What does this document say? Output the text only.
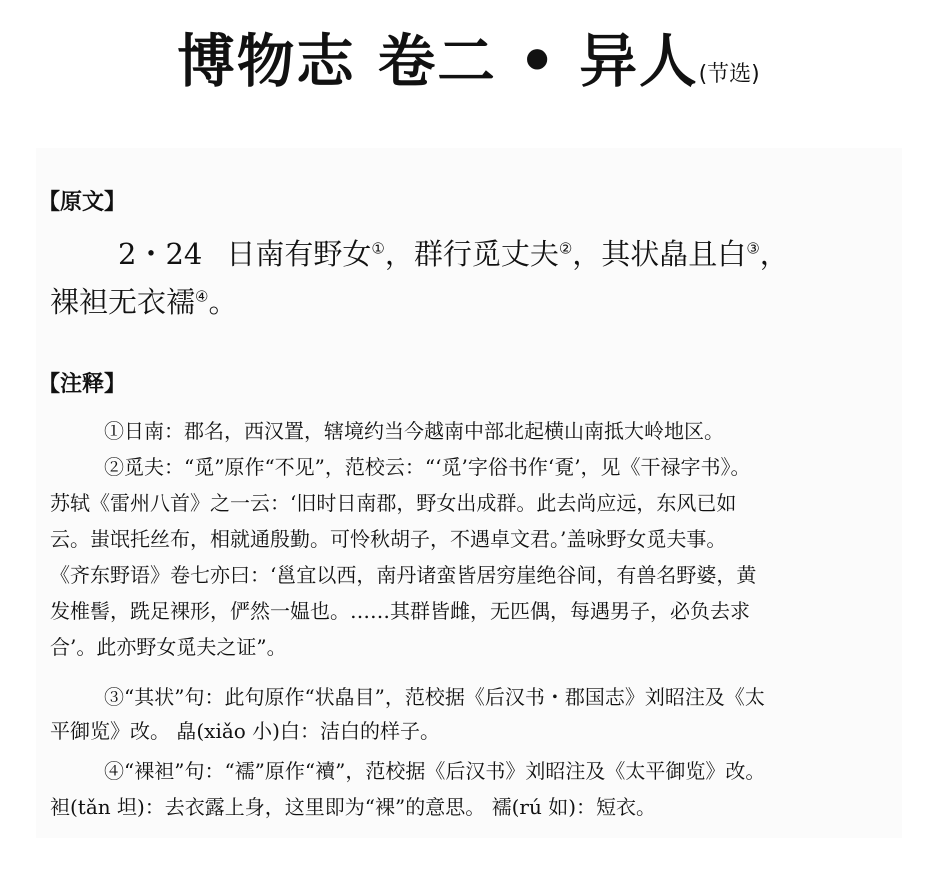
博物志 卷二 • 异人(节选)
【原文】
2・24 日南有野女①，群行觅丈夫②，其状皛且白③，
裸袒无衣襦④。
【注释】
①日南：郡名，西汉置，辖境约当今越南中部北起横山南抵大岭地区。
②觅夫：“觅”原作“不见”，范校云：“‘觅’字俗书作‘覔’，见《干禄字书》。
苏轼《雷州八首》之一云：‘旧时日南郡，野女出成群。此去尚应远，东风已如
云。蚩氓托丝布，相就通殷勤。可怜秋胡子，不遇卓文君。’盖咏野女觅夫事。
《齐东野语》卷七亦曰：‘邕宜以西，南丹诸蛮皆居穷崖绝谷间，有兽名野婆，黄
发椎髻，跣足裸形，俨然一媪也。……其群皆雌，无匹偶，每遇男子，必负去求
合’。此亦野女觅夫之证”。
③“其状”句：此句原作“状皛目”，范校据《后汉书・郡国志》刘昭注及《太
平御览》改。 皛(xiǎo 小)白：洁白的样子。
④“裸袒”句：“襦”原作“襩”，范校据《后汉书》刘昭注及《太平御览》改。
袒(tǎn 坦)：去衣露上身，这里即为“裸”的意思。 襦(rú 如)：短衣。
